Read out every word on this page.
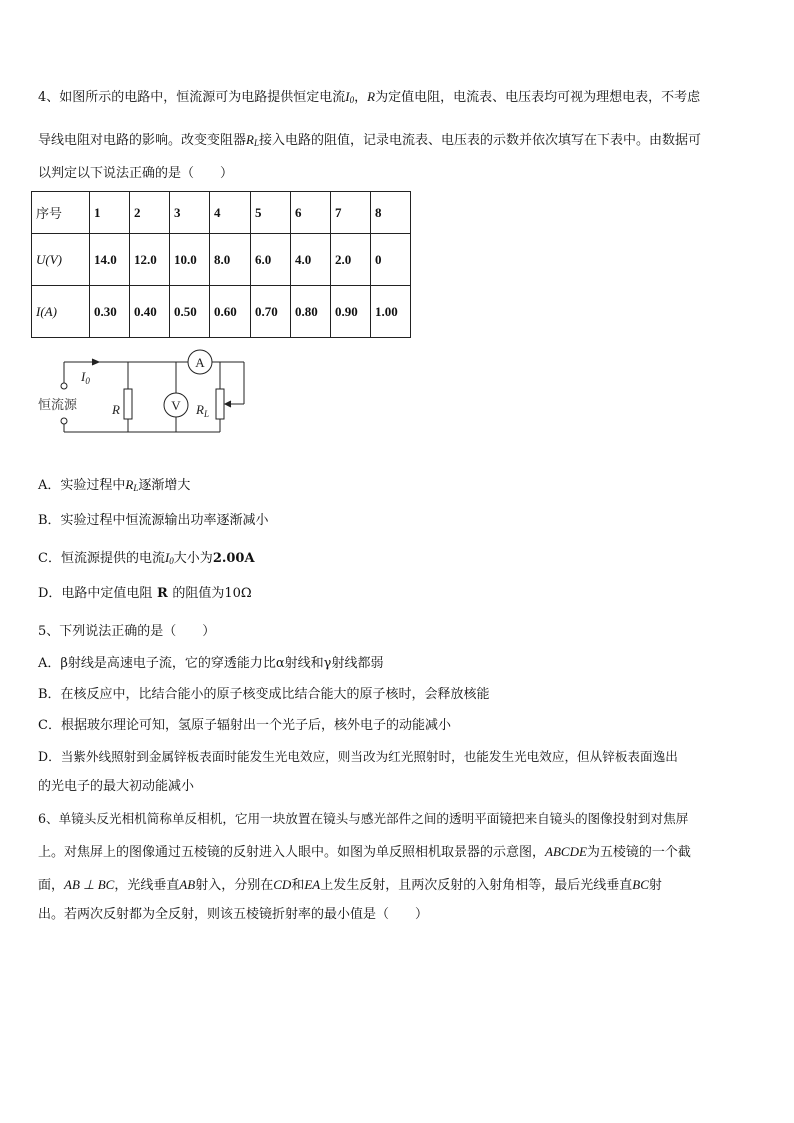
4、如图所示的电路中，恒流源可为电路提供恒定电流$I_0$，R为定值电阻，电流表、电压表均可视为理想电表，不考虑
导线电阻对电路的影响。改变变阻器$R_L$接入电路的阻值，记录电流表、电压表的示数并依次填写在下表中。由数据可
以判定以下说法正确的是（　　）
序号	1	2	3	4	5	6	7	8
U(V)	14.0	12.0	10.0	8.0	6.0	4.0	2.0	0
I(A)	0.30	0.40	0.50	0.60	0.70	0.80	0.90	1.00
A
V
$I_0$
R	$R_L$
恒流源
A．实验过程中$R_L$逐渐增大
B．实验过程中恒流源输出功率逐渐减小
C．恒流源提供的电流$I_0$大小为2.00A
D．电路中定值电阻 R 的阻值为10Ω
5、下列说法正确的是（　　）
A．β射线是高速电子流，它的穿透能力比α射线和γ射线都弱
B．在核反应中，比结合能小的原子核变成比结合能大的原子核时，会释放核能
C．根据玻尔理论可知，氢原子辐射出一个光子后，核外电子的动能减小
D．当紫外线照射到金属锌板表面时能发生光电效应，则当改为红光照射时，也能发生光电效应，但从锌板表面逸出
的光电子的最大初动能减小
6、单镜头反光相机简称单反相机，它用一块放置在镜头与感光部件之间的透明平面镜把来自镜头的图像投射到对焦屏
上。对焦屏上的图像通过五棱镜的反射进入人眼中。如图为单反照相机取景器的示意图，ABCDE为五棱镜的一个截
面，AB ⊥ BC，光线垂直AB射入，分别在CD和EA上发生反射，且两次反射的入射角相等，最后光线垂直BC射
出。若两次反射都为全反射，则该五棱镜折射率的最小值是（　　）
